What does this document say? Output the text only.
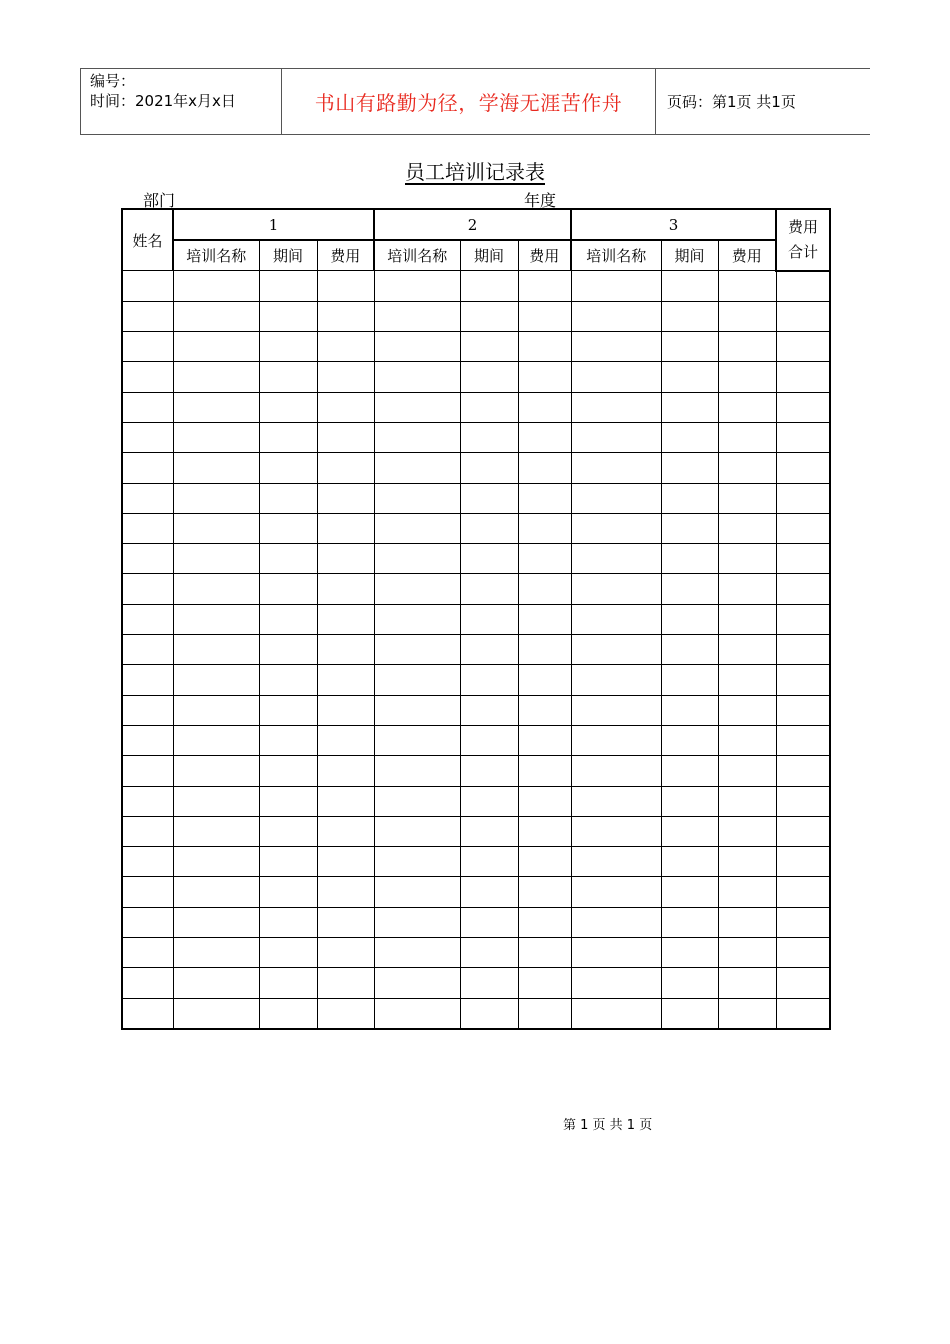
编号：
时间：2021年x月x日	书山有路勤为径，学海无涯苦作舟	页码：第1页 共1页
员工培训记录表
部门	年度
姓名	1			2			3			费用
合计

	培训名称	期间	费用	培训名称	期间	费用	培训名称	期间	费用	

第 1 页 共 1 页
